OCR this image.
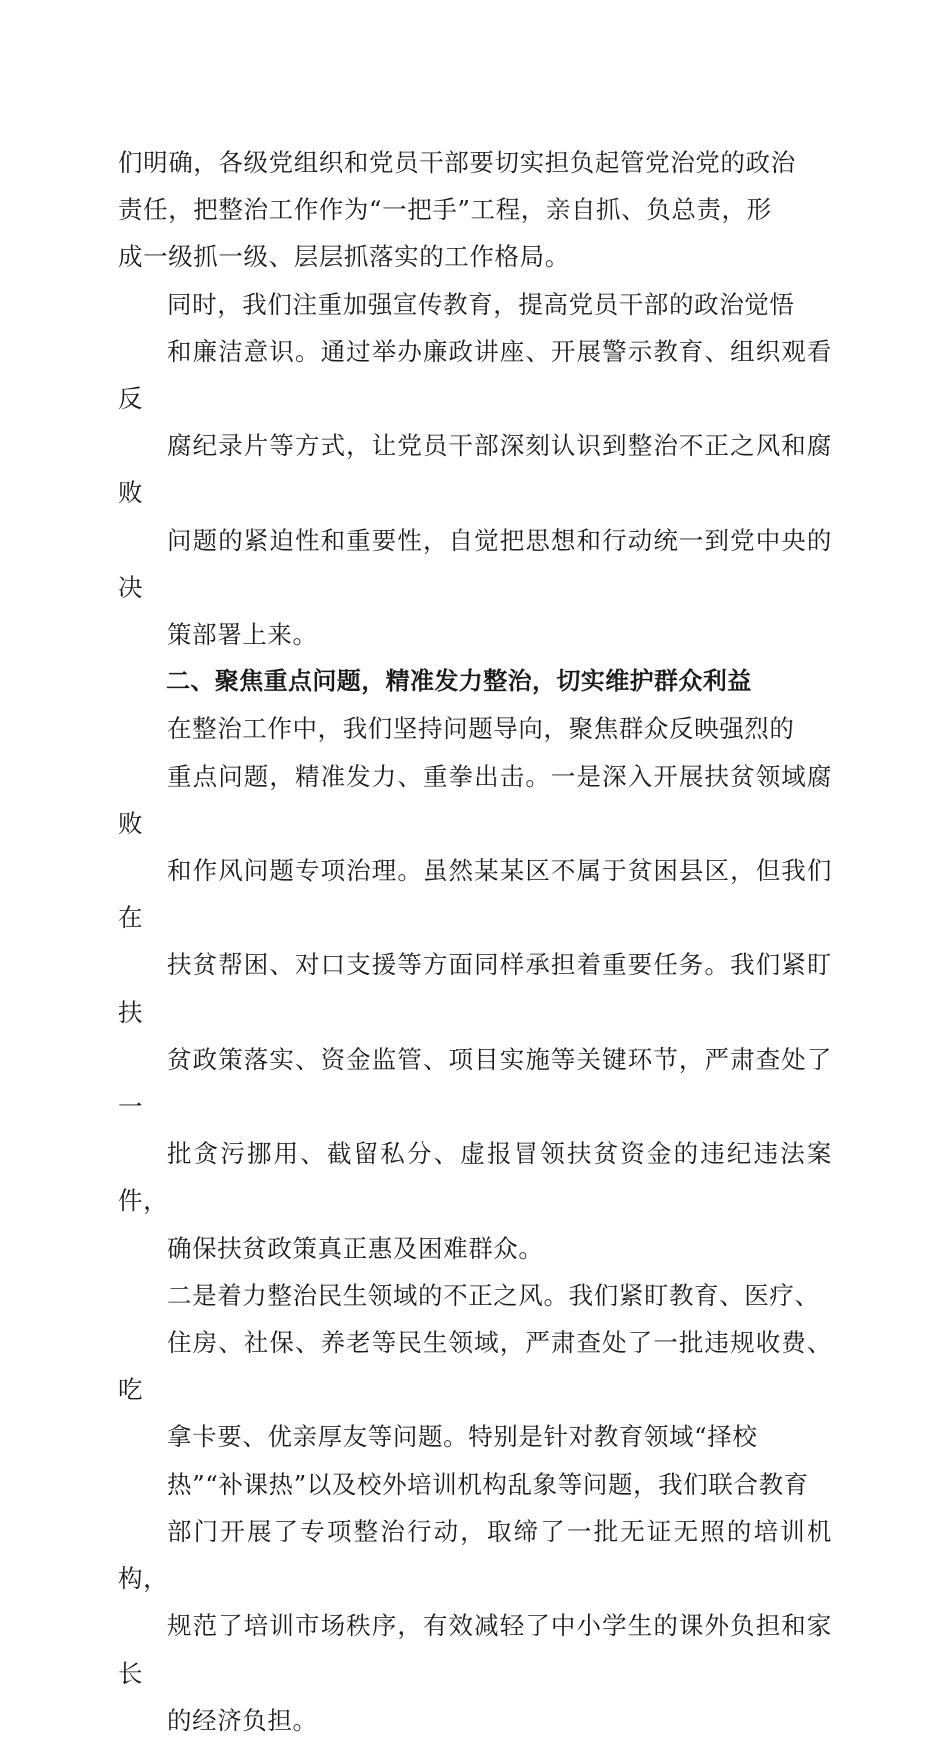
们明确，各级党组织和党员干部要切实担负起管党治党的政治
责任，把整治工作作为“一把手”工程，亲自抓、负总责，形
成一级抓一级、层层抓落实的工作格局。

同时，我们注重加强宣传教育，提高党员干部的政治觉悟
和廉洁意识。通过举办廉政讲座、开展警示教育、组织观看反
腐纪录片等方式，让党员干部深刻认识到整治不正之风和腐败
问题的紧迫性和重要性，自觉把思想和行动统一到党中央的决
策部署上来。

二、聚焦重点问题，精准发力整治，切实维护群众利益

在整治工作中，我们坚持问题导向，聚焦群众反映强烈的
重点问题，精准发力、重拳出击。一是深入开展扶贫领域腐败
和作风问题专项治理。虽然某某区不属于贫困县区，但我们在
扶贫帮困、对口支援等方面同样承担着重要任务。我们紧盯扶
贫政策落实、资金监管、项目实施等关键环节，严肃查处了一
批贪污挪用、截留私分、虚报冒领扶贫资金的违纪违法案件，
确保扶贫政策真正惠及困难群众。

二是着力整治民生领域的不正之风。我们紧盯教育、医疗、
住房、社保、养老等民生领域，严肃查处了一批违规收费、吃
拿卡要、优亲厚友等问题。特别是针对教育领域“择校
热”“补课热”以及校外培训机构乱象等问题，我们联合教育
部门开展了专项整治行动，取缔了一批无证无照的培训机构，
规范了培训市场秩序，有效减轻了中小学生的课外负担和家长
的经济负担。
